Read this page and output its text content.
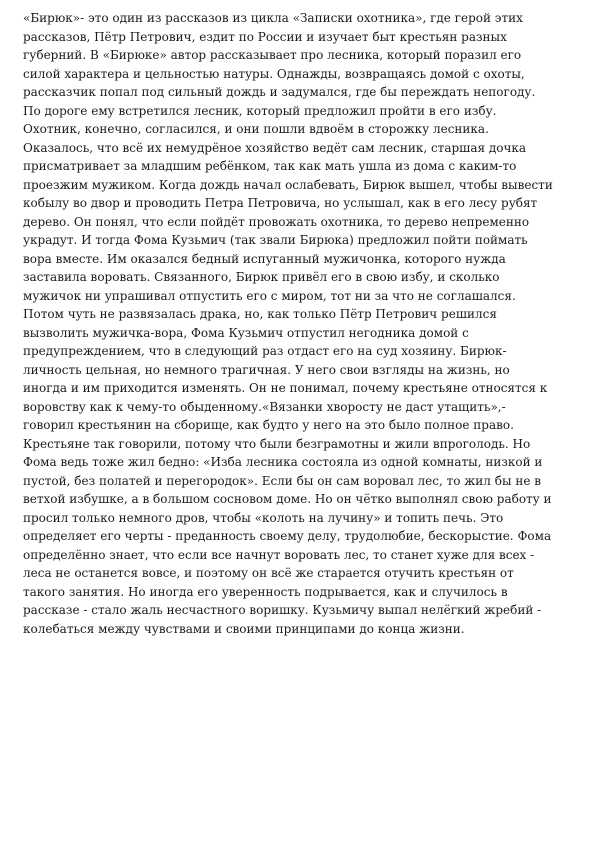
«Бирюк»- это один из рассказов из цикла «Записки охотника», где герой этих
рассказов, Пётр Петрович, ездит по России и изучает быт крестьян разных
губерний. В «Бирюке» автор рассказывает про лесника, который поразил его
силой характера и цельностью натуры. Однажды, возвращаясь домой с охоты,
рассказчик попал под сильный дождь и задумался, где бы переждать непогоду.
По дороге ему встретился лесник, который предложил пройти в его избу.
Охотник, конечно, согласился, и они пошли вдвоём в сторожку лесника.
Оказалось, что всё их немудрёное хозяйство ведёт сам лесник, старшая дочка
присматривает за младшим ребёнком, так как мать ушла из дома с каким-то
проезжим мужиком. Когда дождь начал ослабевать, Бирюк вышел, чтобы вывести
кобылу во двор и проводить Петра Петровича, но услышал, как в его лесу рубят
дерево. Он понял, что если пойдёт провожать охотника, то дерево непременно
украдут. И тогда Фома Кузьмич (так звали Бирюка) предложил пойти поймать
вора вместе. Им оказался бедный испуганный мужичонка, которого нужда
заставила воровать. Связанного, Бирюк привёл его в свою избу, и сколько
мужичок ни упрашивал отпустить его с миром, тот ни за что не соглашался.
Потом чуть не развязалась драка, но, как только Пётр Петрович решился
вызволить мужичка-вора, Фома Кузьмич отпустил негодника домой с
предупреждением, что в следующий раз отдаст его на суд хозяину. Бирюк-
личность цельная, но немного трагичная. У него свои взгляды на жизнь, но
иногда и им приходится изменять. Он не понимал, почему крестьяне относятся к
воровству как к чему-то обыденному.«Вязанки хворосту не даст утащить»,-
говорил крестьянин на сборище, как будто у него на это было полное право.
Крестьяне так говорили, потому что были безграмотны и жили впроголодь. Но
Фома ведь тоже жил бедно: «Изба лесника состояла из одной комнаты, низкой и
пустой, без полатей и перегородок». Если бы он сам воровал лес, то жил бы не в
ветхой избушке, а в большом сосновом доме. Но он чётко выполнял свою работу и
просил только немного дров, чтобы «колоть на лучину» и топить печь. Это
определяет его черты - преданность своему делу, трудолюбие, бескорыстие. Фома
определённо знает, что если все начнут воровать лес, то станет хуже для всех -
леса не останется вовсе, и поэтому он всё же старается отучить крестьян от
такого занятия. Но иногда его уверенность подрывается, как и случилось в
рассказе - стало жаль несчастного воришку. Кузьмичу выпал нелёгкий жребий -
колебаться между чувствами и своими принципами до конца жизни.
